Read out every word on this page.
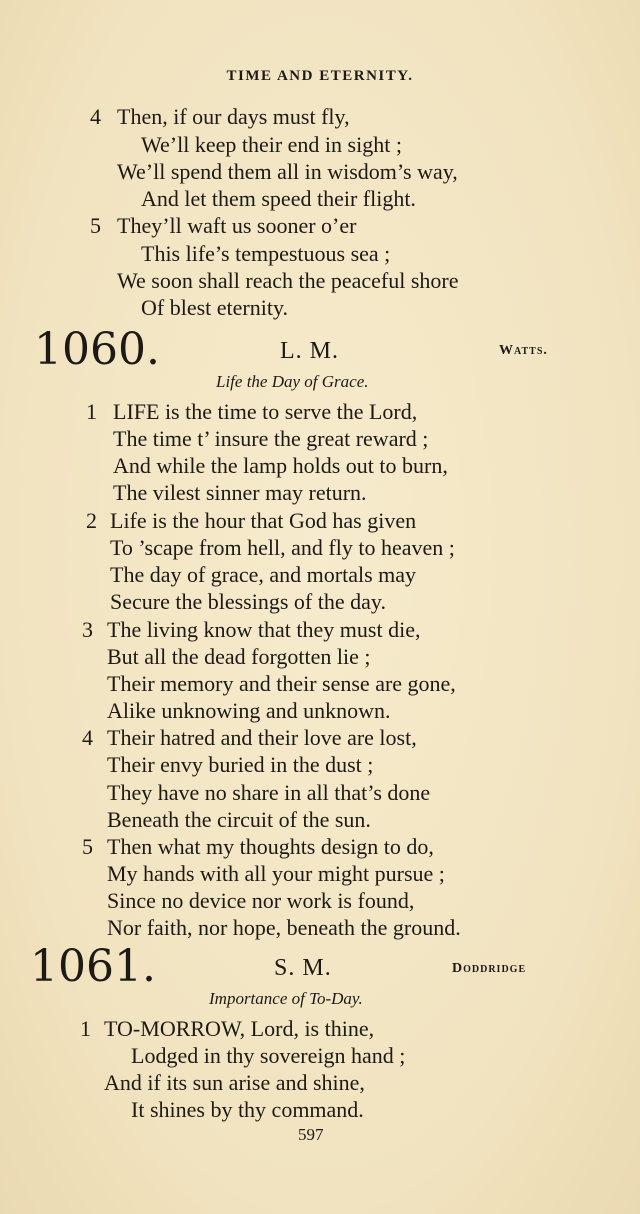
TIME AND ETERNITY.
4 Then, if our days must fly,
We’ll keep their end in sight ;
We’ll spend them all in wisdom’s way,
And let them speed their flight.
5 They’ll waft us sooner o’er
This life’s tempestuous sea ;
We soon shall reach the peaceful shore
Of blest eternity.
1060.	L. M.	Watts.
Life the Day of Grace.
1 LIFE is the time to serve the Lord,
The time t’ insure the great reward ;
And while the lamp holds out to burn,
The vilest sinner may return.
2 Life is the hour that God has given
To ’scape from hell, and fly to heaven ;
The day of grace, and mortals may
Secure the blessings of the day.
3 The living know that they must die,
But all the dead forgotten lie ;
Their memory and their sense are gone,
Alike unknowing and unknown.
4 Their hatred and their love are lost,
Their envy buried in the dust ;
They have no share in all that’s done
Beneath the circuit of the sun.
5 Then what my thoughts design to do,
My hands with all your might pursue ;
Since no device nor work is found,
Nor faith, nor hope, beneath the ground.
1061.	S. M.	Doddridge
Importance of To-Day.
1 TO-MORROW, Lord, is thine,
Lodged in thy sovereign hand ;
And if its sun arise and shine,
It shines by thy command.
597
